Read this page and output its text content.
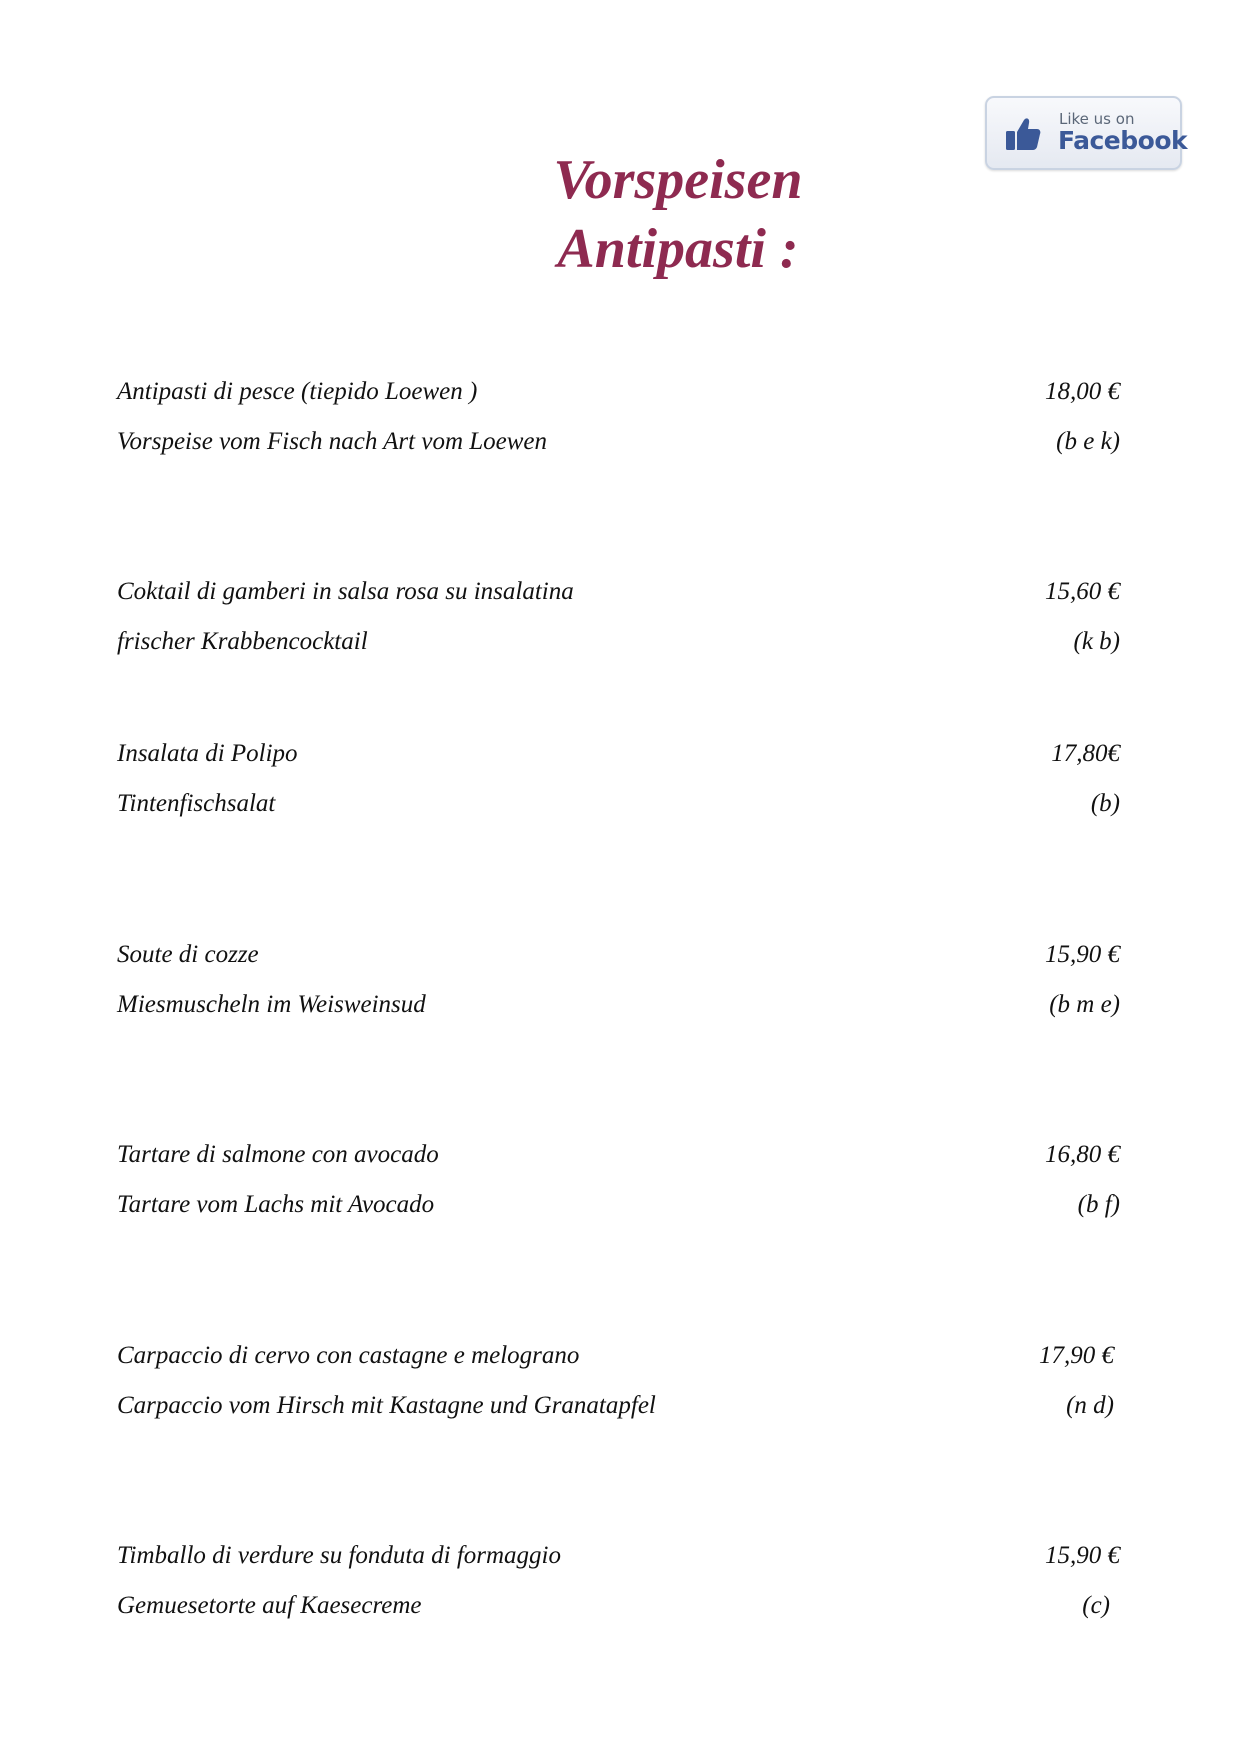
Vorspeisen
Antipasti :
Like us on
Facebook
Antipasti di pesce (tiepido Loewen )
Vorspeise vom Fisch nach Art vom Loewen
18,00 €
(b e k)
Coktail di gamberi in salsa rosa su insalatina
frischer Krabbencocktail
15,60 €
(k b)
Insalata di Polipo
Tintenfischsalat
17,80€
(b)
Soute di cozze
Miesmuscheln im Weisweinsud
15,90 €
(b m e)
Tartare di salmone con avocado
Tartare vom Lachs mit Avocado
16,80 €
(b f)
Carpaccio di cervo con castagne e melograno
Carpaccio vom Hirsch mit Kastagne und Granatapfel
17,90 €
(n d)
Timballo di verdure su fonduta di formaggio
Gemuesetorte auf Kaesecreme
15,90 €
(c)
